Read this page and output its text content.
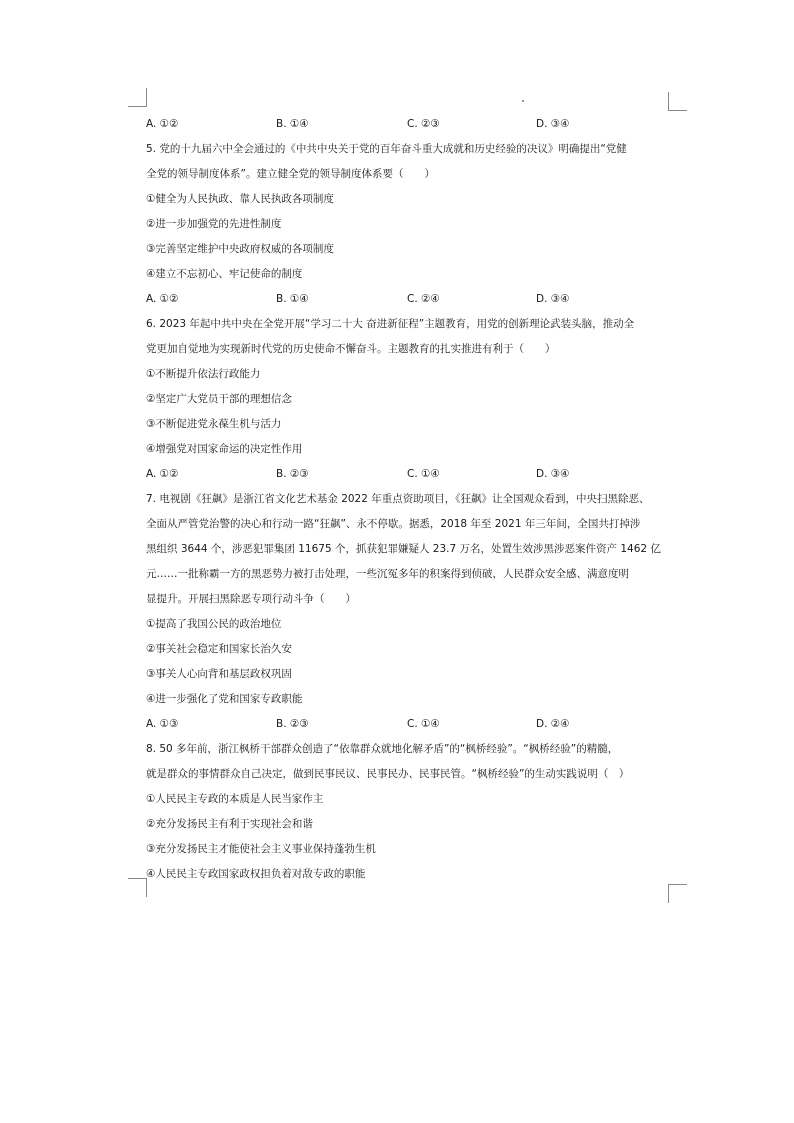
A. ①②	B. ①④	C. ②③	D. ③④
5. 党的十九届六中全会通过的《中共中央关于党的百年奋斗重大成就和历史经验的决议》明确提出“党健
全党的领导制度体系”。建立健全党的领导制度体系要（　　）
①健全为人民执政、靠人民执政各项制度
②进一步加强党的先进性制度
③完善坚定维护中央政府权威的各项制度
④建立不忘初心、牢记使命的制度
A. ①②	B. ①④	C. ②④	D. ③④
6. 2023 年起中共中央在全党开展“学习二十大 奋进新征程”主题教育，用党的创新理论武装头脑，推动全
党更加自觉地为实现新时代党的历史使命不懈奋斗。主题教育的扎实推进有利于（　　）
①不断提升依法行政能力
②坚定广大党员干部的理想信念
③不断促进党永葆生机与活力
④增强党对国家命运的决定性作用
A. ①②	B. ②③	C. ①④	D. ③④
7. 电视剧《狂飙》是浙江省文化艺术基金 2022 年重点资助项目，《狂飙》让全国观众看到，中央扫黑除恶、
全面从严管党治警的决心和行动一路“狂飙”、永不停歇。据悉，2018 年至 2021 年三年间，全国共打掉涉
黑组织 3644 个，涉恶犯罪集团 11675 个，抓获犯罪嫌疑人 23.7 万名，处置生效涉黑涉恶案件资产 1462 亿
元……一批称霸一方的黑恶势力被打击处理，一些沉冤多年的积案得到侦破，人民群众安全感、满意度明
显提升。开展扫黑除恶专项行动斗争（　　）
①提高了我国公民的政治地位
②事关社会稳定和国家长治久安
③事关人心向背和基层政权巩固
④进一步强化了党和国家专政职能
A. ①③	B. ②③	C. ①④	D. ②④
8. 50 多年前，浙江枫桥干部群众创造了“依靠群众就地化解矛盾”的“枫桥经验”。“枫桥经验”的精髓，
就是群众的事情群众自己决定，做到民事民议、民事民办、民事民管。“枫桥经验”的生动实践说明（　）
①人民民主专政的本质是人民当家作主
②充分发扬民主有利于实现社会和谐
③充分发扬民主才能使社会主义事业保持蓬勃生机
④人民民主专政国家政权担负着对敌专政的职能
